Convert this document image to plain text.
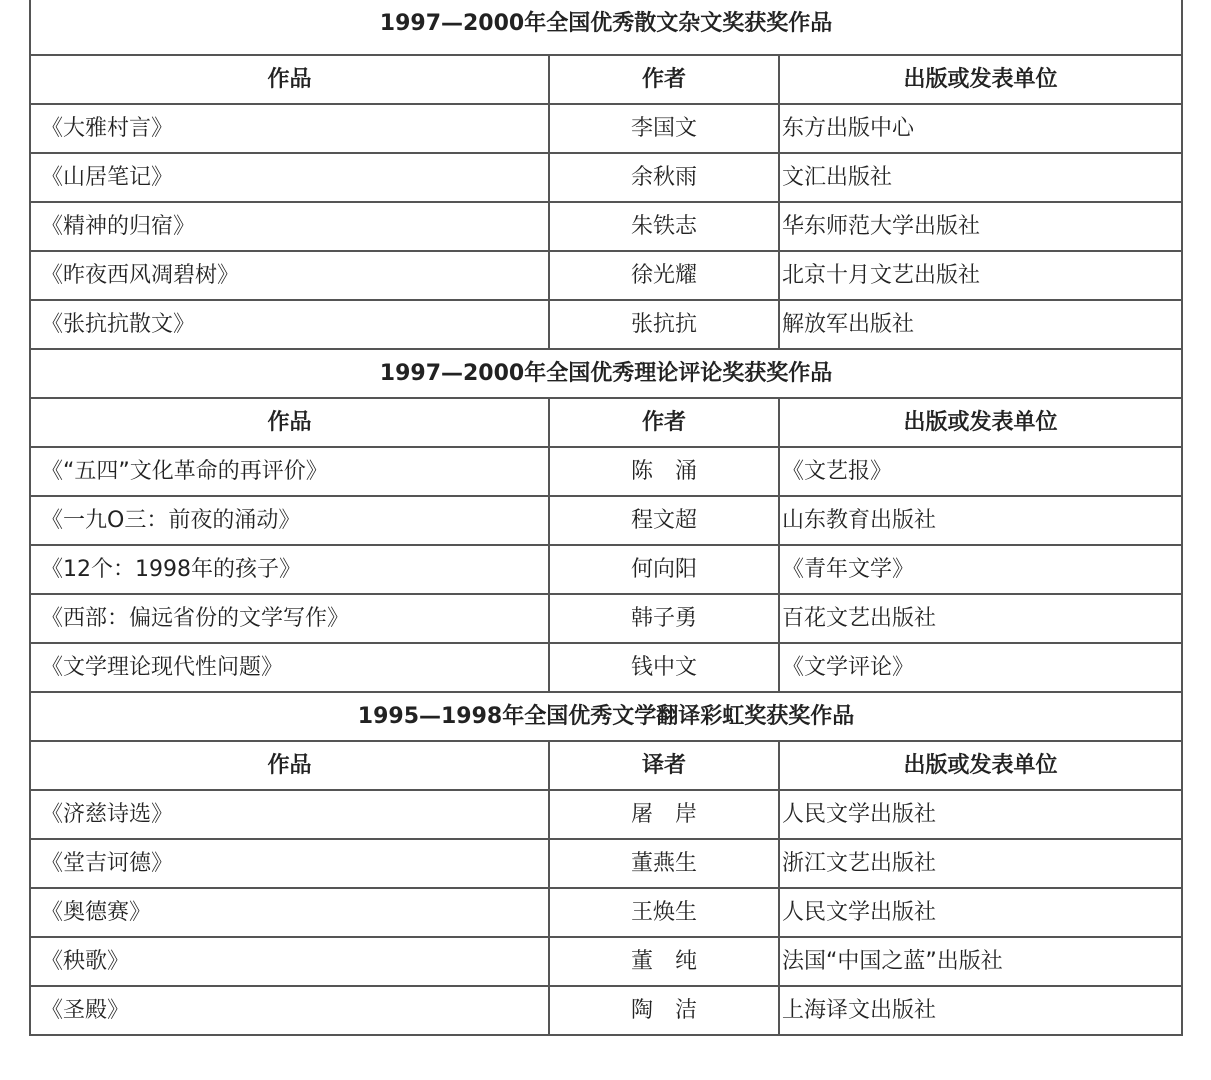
1997—2000年全国优秀散文杂文奖获奖作品		
作品	作者	出版或发表单位
《大雅村言》	李国文	东方出版中心
《山居笔记》	余秋雨	文汇出版社
《精神的归宿》	朱铁志	华东师范大学出版社
《昨夜西风凋碧树》	徐光耀	北京十月文艺出版社
《张抗抗散文》	张抗抗	解放军出版社
1997—2000年全国优秀理论评论奖获奖作品		
作品	作者	出版或发表单位
《“五四”文化革命的再评价》	陈　涌	《文艺报》
《一九O三：前夜的涌动》	程文超	山东教育出版社
《12个：1998年的孩子》	何向阳	《青年文学》
《西部：偏远省份的文学写作》	韩子勇	百花文艺出版社
《文学理论现代性问题》	钱中文	《文学评论》
1995—1998年全国优秀文学翻译彩虹奖获奖作品		
作品	译者	出版或发表单位
《济慈诗选》	屠　岸	人民文学出版社
《堂吉诃德》	董燕生	浙江文艺出版社
《奥德赛》	王焕生	人民文学出版社
《秧歌》	董　纯	法国“中国之蓝”出版社
《圣殿》	陶　洁	上海译文出版社
